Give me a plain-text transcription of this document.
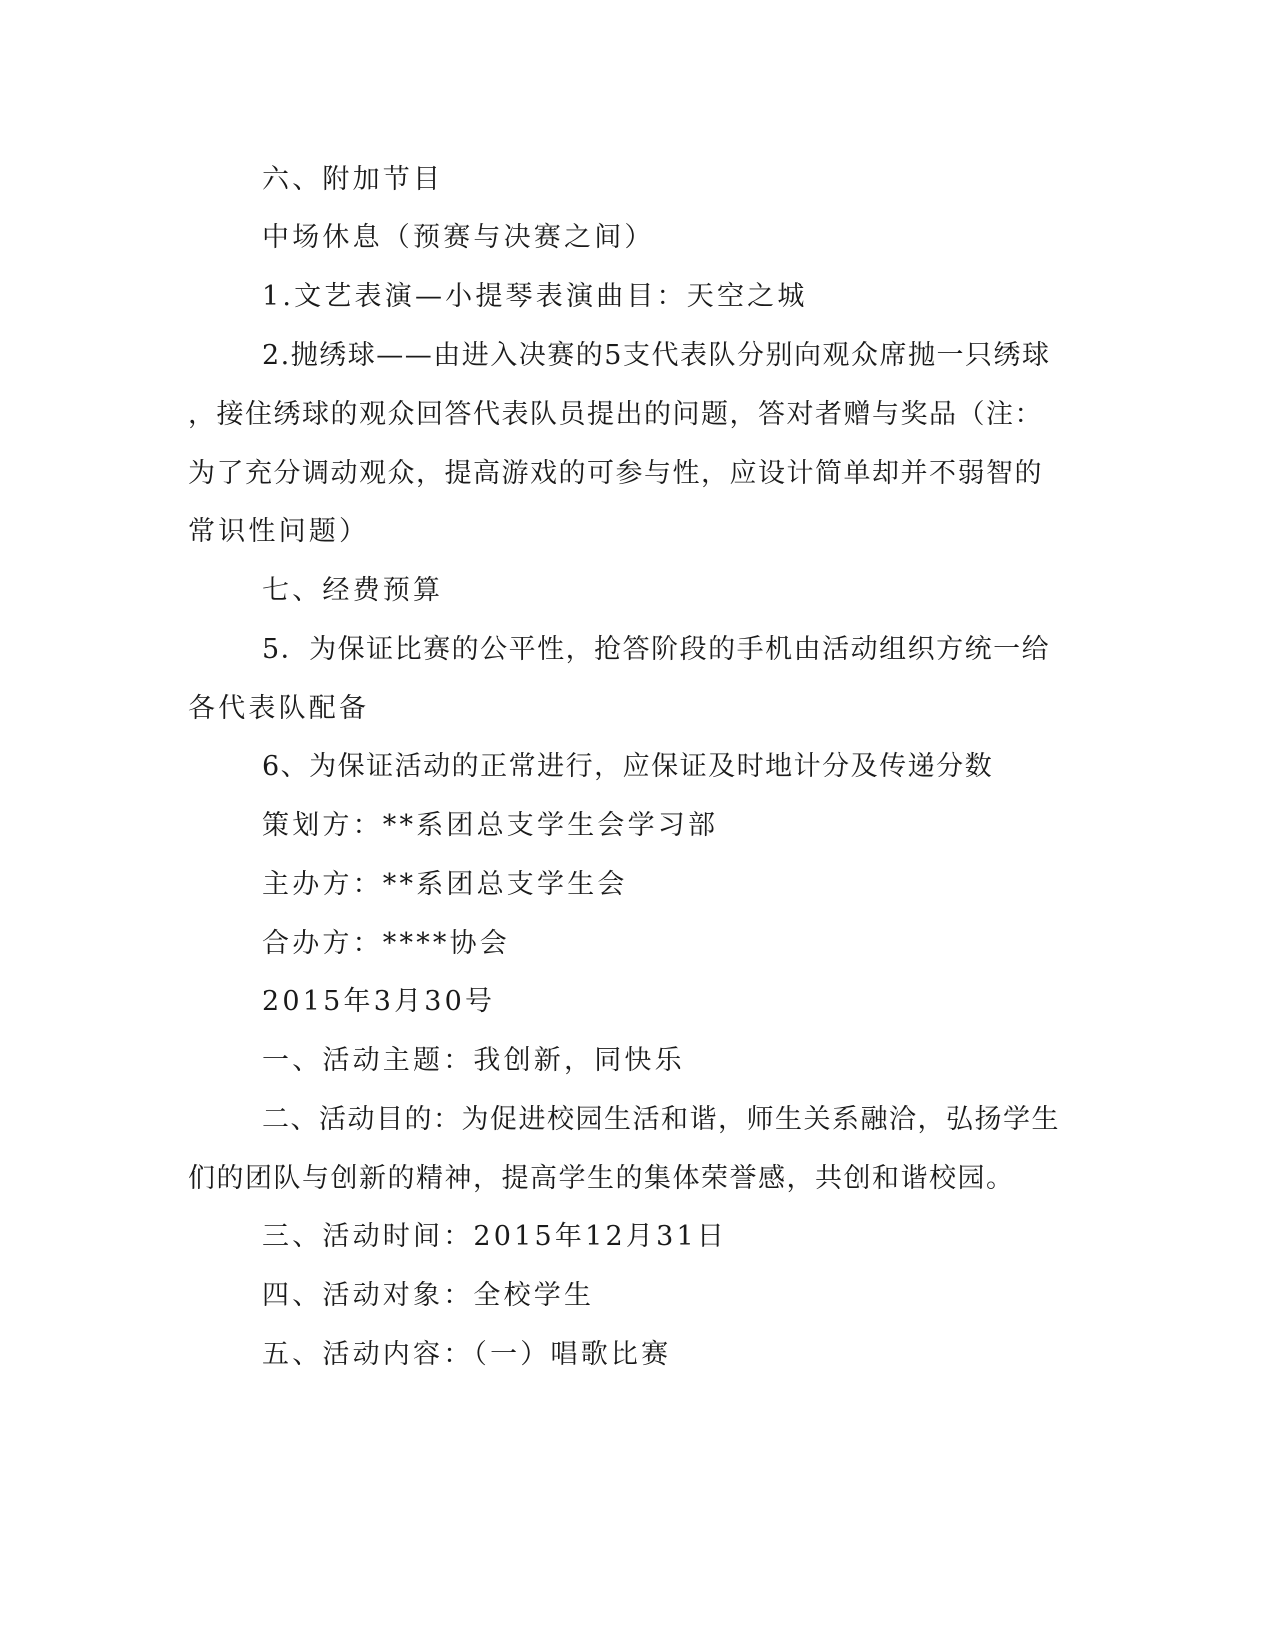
六、附加节目
中场休息（预赛与决赛之间）
1.文艺表演—小提琴表演曲目：天空之城
2.抛绣球——由进入决赛的5支代表队分别向观众席抛一只绣球
，接住绣球的观众回答代表队员提出的问题，答对者赠与奖品（注：
为了充分调动观众，提高游戏的可参与性，应设计简单却并不弱智的
常识性问题）
七、经费预算
5．为保证比赛的公平性，抢答阶段的手机由活动组织方统一给
各代表队配备
6、为保证活动的正常进行，应保证及时地计分及传递分数
策划方：**系团总支学生会学习部
主办方：**系团总支学生会
合办方：****协会
2015年3月30号
一、活动主题：我创新，同快乐
二、活动目的：为促进校园生活和谐，师生关系融洽，弘扬学生
们的团队与创新的精神，提高学生的集体荣誉感，共创和谐校园。
三、活动时间：2015年12月31日
四、活动对象：全校学生
五、活动内容：（一）唱歌比赛
